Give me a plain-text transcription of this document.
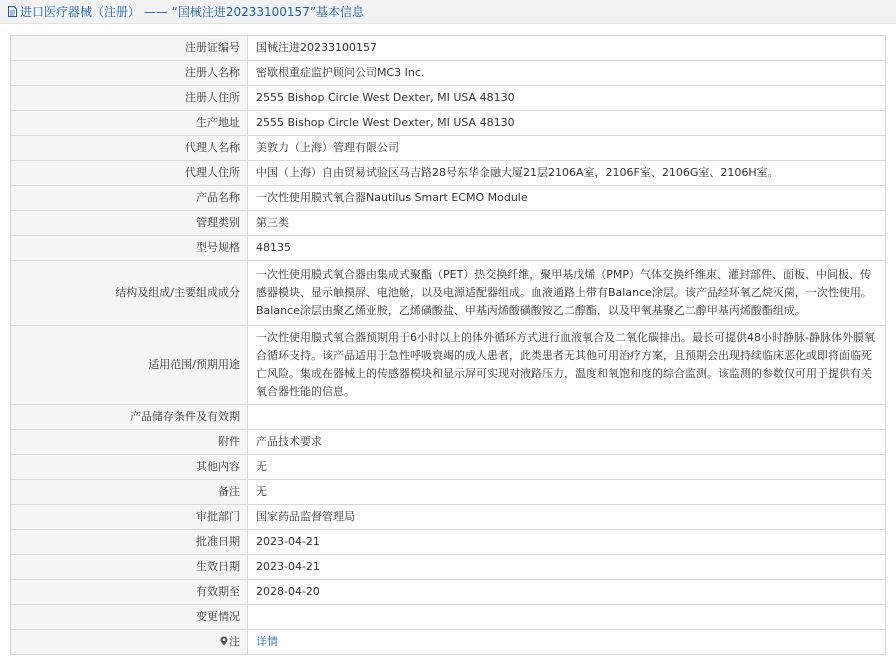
进口医疗器械（注册） —— “国械注进20233100157”基本信息
注册证编号	国械注进20233100157
注册人名称	密歇根重症监护顾问公司MC3 Inc.
注册人住所	2555 Bishop Circle West Dexter, MI USA 48130
生产地址	2555 Bishop Circle West Dexter, MI USA 48130
代理人名称	美敦力（上海）管理有限公司
代理人住所	中国（上海）自由贸易试验区马吉路28号东华金融大厦21层2106A室，2106F室、2106G室、2106H室。
产品名称	一次性使用膜式氧合器Nautilus Smart ECMO Module
管理类别	第三类
型号规格	48135
结构及组成/主要组成成分	一次性使用膜式氧合器由集成式聚酯（PET）热交换纤维，聚甲基戊烯（PMP）气体交换纤维束、灌封部件、面板、中间板、传感器模块、显示触摸屏、电池舱，以及电源适配器组成。血液通路上带有Balance涂层。该产品经环氧乙烷灭菌，一次性使用。Balance涂层由聚乙烯亚胺，乙烯磺酸盐、甲基丙烯酸磺酸铵乙二醇酯，以及甲氧基聚乙二醇甲基丙烯酸酯组成。
适用范围/预期用途	一次性使用膜式氧合器预期用于6小时以上的体外循环方式进行血液氧合及二氧化碳排出。最长可提供48小时静脉-静脉体外膜氧合循环支持。该产品适用于急性呼吸衰竭的成人患者，此类患者无其他可用治疗方案，且预期会出现持续临床恶化或即将面临死亡风险。集成在器械上的传感器模块和显示屏可实现对液路压力，温度和氧饱和度的综合监测。该监测的参数仅可用于提供有关氧合器性能的信息。
产品储存条件及有效期	
附件	产品技术要求
其他内容	无
备注	无
审批部门	国家药品监督管理局
批准日期	2023-04-21
生效日期	2023-04-21
有效期至	2028-04-20
变更情况	
注	详情
